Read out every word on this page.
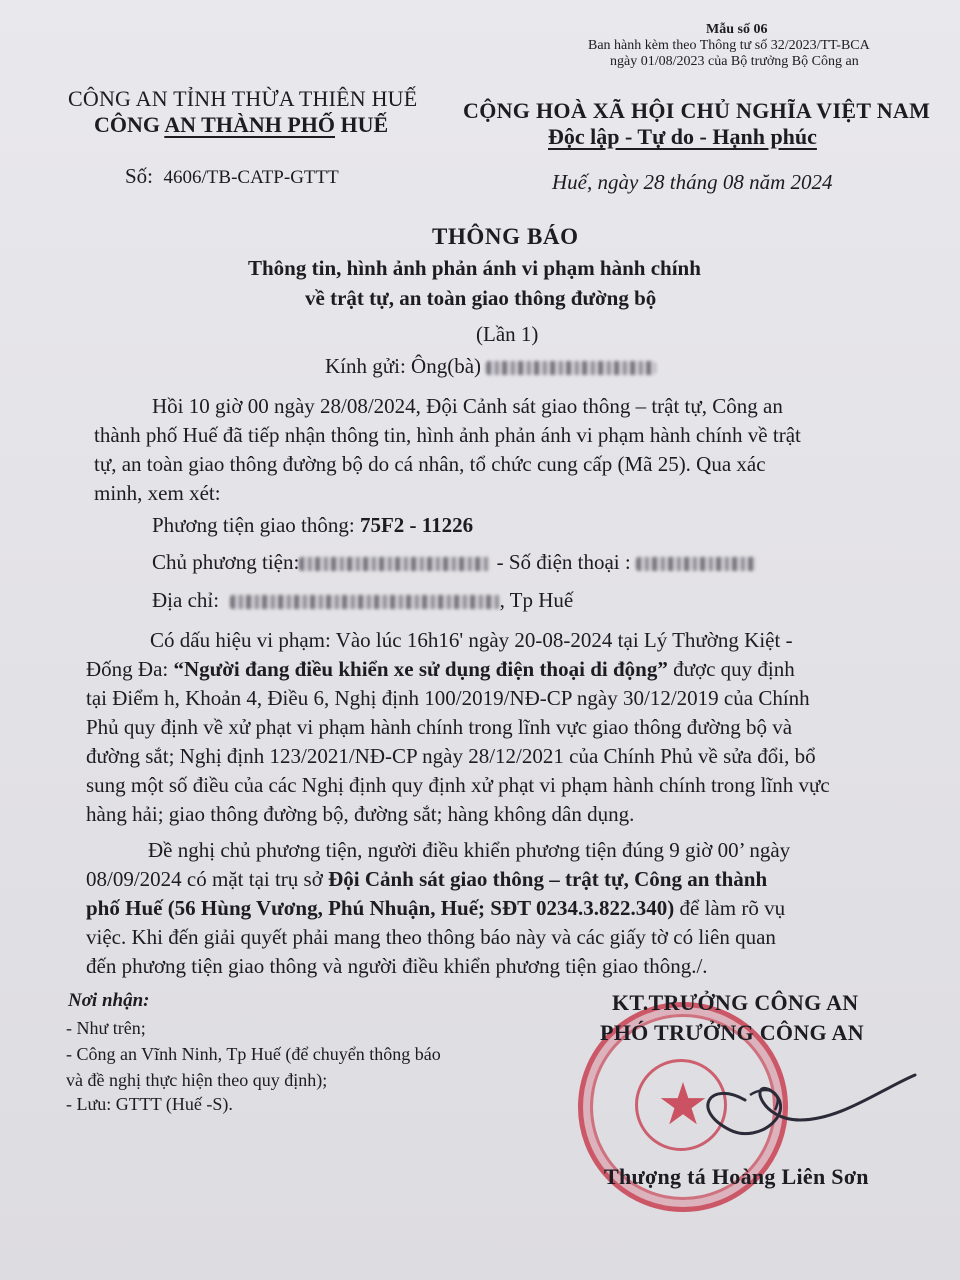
Mẫu số 06
Ban hành kèm theo Thông tư số 32/2023/TT-BCA
ngày 01/08/2023 của Bộ trưởng Bộ Công an
CÔNG AN TỈNH THỪA THIÊN HUẾ
CÔNG AN THÀNH PHỐ HUẾ
CỘNG HOÀ XÃ HỘI CHỦ NGHĨA VIỆT NAM
Độc lập - Tự do - Hạnh phúc
Số: 4606/TB-CATP-GTTT	Huế, ngày 28 tháng 08 năm 2024
THÔNG BÁO
Thông tin, hình ảnh phản ánh vi phạm hành chính
về trật tự, an toàn giao thông đường bộ
(Lần 1)
Kính gửi: Ông(bà)
Hồi 10 giờ 00 ngày 28/08/2024, Đội Cảnh sát giao thông – trật tự, Công an
thành phố Huế đã tiếp nhận thông tin, hình ảnh phản ánh vi phạm hành chính về trật
tự, an toàn giao thông đường bộ do cá nhân, tổ chức cung cấp (Mã 25). Qua xác
minh, xem xét:
Phương tiện giao thông: 75F2 - 11226
Chủ phương tiện:	- Số điện thoại :
Địa chỉ:	, Tp Huế
Có dấu hiệu vi phạm: Vào lúc 16h16' ngày 20-08-2024 tại Lý Thường Kiệt -
Đống Đa: “Người đang điều khiển xe sử dụng điện thoại di động” được quy định
tại Điểm h, Khoản 4, Điều 6, Nghị định 100/2019/NĐ-CP ngày 30/12/2019 của Chính
Phủ quy định về xử phạt vi phạm hành chính trong lĩnh vực giao thông đường bộ và
đường sắt; Nghị định 123/2021/NĐ-CP ngày 28/12/2021 của Chính Phủ về sửa đổi, bổ
sung một số điều của các Nghị định quy định xử phạt vi phạm hành chính trong lĩnh vực
hàng hải; giao thông đường bộ, đường sắt; hàng không dân dụng.
Đề nghị chủ phương tiện, người điều khiển phương tiện đúng 9 giờ 00’ ngày
08/09/2024 có mặt tại trụ sở Đội Cảnh sát giao thông – trật tự, Công an thành
phố Huế (56 Hùng Vương, Phú Nhuận, Huế; SĐT 0234.3.822.340) để làm rõ vụ
việc. Khi đến giải quyết phải mang theo thông báo này và các giấy tờ có liên quan
đến phương tiện giao thông và người điều khiển phương tiện giao thông./.
Nơi nhận:
- Như trên;
- Công an Vĩnh Ninh, Tp Huế (để chuyển thông báo
và đề nghị thực hiện theo quy định);
- Lưu: GTTT (Huế -S).	★
KT.TRƯỞNG CÔNG AN
PHÓ TRƯỞNG CÔNG AN
Thượng tá Hoàng Liên Sơn
